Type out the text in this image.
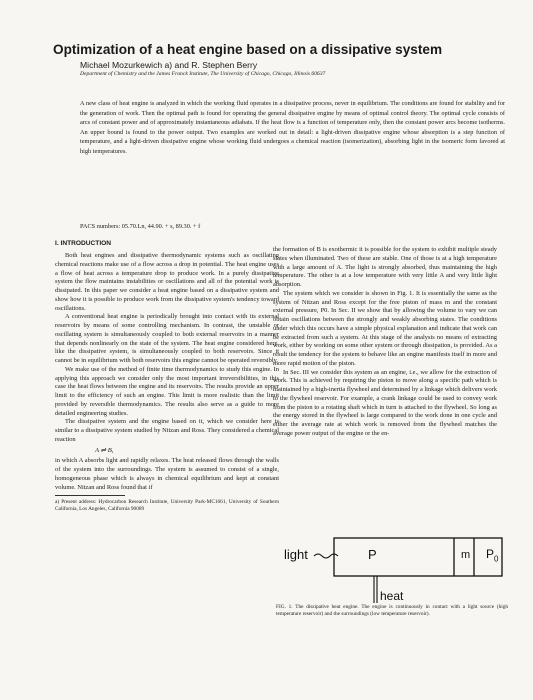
Optimization of a heat engine based on a dissipative system

Michael Mozurkewich a) and R. Stephen Berry

Department of Chemistry and the James Franck Institute, The University of Chicago, Chicago, Illinois 60637

A new class of heat engine is analyzed in which the working fluid operates in a dissipative process, never in equilibrium. The conditions are found for stability and for the generation of work. Then the optimal path is found for operating the general dissipative engine by means of optimal control theory. The optimal cycle consists of arcs of constant power and of approximately instantaneous adiabats. If the heat flow is a function of temperature only, then the constant power arcs become isotherms. An upper bound is found to the power output. Two examples are worked out in detail: a light-driven dissipative engine whose absorption is a step function of temperature, and a light-driven dissipative engine whose working fluid undergoes a chemical reaction (isomerization), absorbing light in the isomeric form favored at high temperatures.

PACS numbers: 05.70.Ln, 44.90. + s, 89.30. + f

I. INTRODUCTION

Both heat engines and dissipative thermodynamic systems such as oscillating chemical reactions make use of a flow across a drop in potential. The heat engine uses a flow of heat across a temperature drop to produce work. In a purely dissipative system the flow maintains instabilities or oscillations and all of the potential work is dissipated. In this paper we consider a heat engine based on a dissipative system and show how it is possible to produce work from the dissipative system's tendency toward oscillations.

A conventional heat engine is periodically brought into contact with its external reservoirs by means of some controlling mechanism. In contrast, the unstable or oscillating system is simultaneously coupled to both external reservoirs in a manner that depends nonlinearly on the state of the system. The heat engine considered here, like the dissipative system, is simultaneously coupled to both reservoirs. Since it cannot be in equilibrium with both reservoirs this engine cannot be operated reversibly.

We make use of the method of finite time thermodynamics to study this engine. In applying this approach we consider only the most important irreversibilities, in this case the heat flows between the engine and its reservoirs. The results provide an upper limit to the efficiency of such an engine. This limit is more realistic than the limit provided by reversible thermodynamics. The results also serve as a guide to more detailed engineering studies.

The dissipative system and the engine based on it, which we consider here is similar to a dissipative system studied by Nitzan and Ross. They considered a chemical reaction

A ⇌ B,

in which A absorbs light and rapidly relaxes. The heat released flows through the walls of the system into the surroundings. The system is assumed to consist of a single, homogeneous phase which is always in chemical equilibrium and kept at constant volume. Nitzan and Ross found that if

a) Present address: Hydrocarbon Research Institute, University Park-MC1661, University of Southern California, Los Angeles, California 90089

the formation of B is exothermic it is possible for the system to exhibit multiple steady states when illuminated. Two of these are stable. One of those is at a high temperature with a large amount of A. The light is strongly absorbed, thus maintaining the high temperature. The other is at a low temperature with very little A and very little light absorption.

The system which we consider is shown in Fig. 1. It is essentially the same as the system of Nitzan and Ross except for the free piston of mass m and the constant external pressure, P0. In Sec. II we show that by allowing the volume to vary we can obtain oscillations between the strongly and weakly absorbing states. The conditions under which this occurs have a simple physical explanation and indicate that work can be extracted from such a system. At this stage of the analysis no means of extracting work, either by working on some other system or through dissipation, is provided. As a result the tendency for the system to behave like an engine manifests itself in more and more rapid motion of the piston.

In Sec. III we consider this system as an engine, i.e., we allow for the extraction of work. This is achieved by requiring the piston to move along a specific path which is maintained by a high-inertia flywheel and determined by a linkage which delivers work to the flywheel reservoir. For example, a crank linkage could be used to convey work from the piston to a rotating shaft which in turn is attached to the flywheel. So long as the energy stored in the flywheel is large compared to the work done in one cycle and either the average rate at which work is removed from the flywheel matches the average power output of the engine or the en-

light	P	m $P_0$
heat

FIG. 1. The dissipative heat engine. The engine is continuously in contact with a light source (high temperature reservoir) and the surroundings (low temperature reservoir).
